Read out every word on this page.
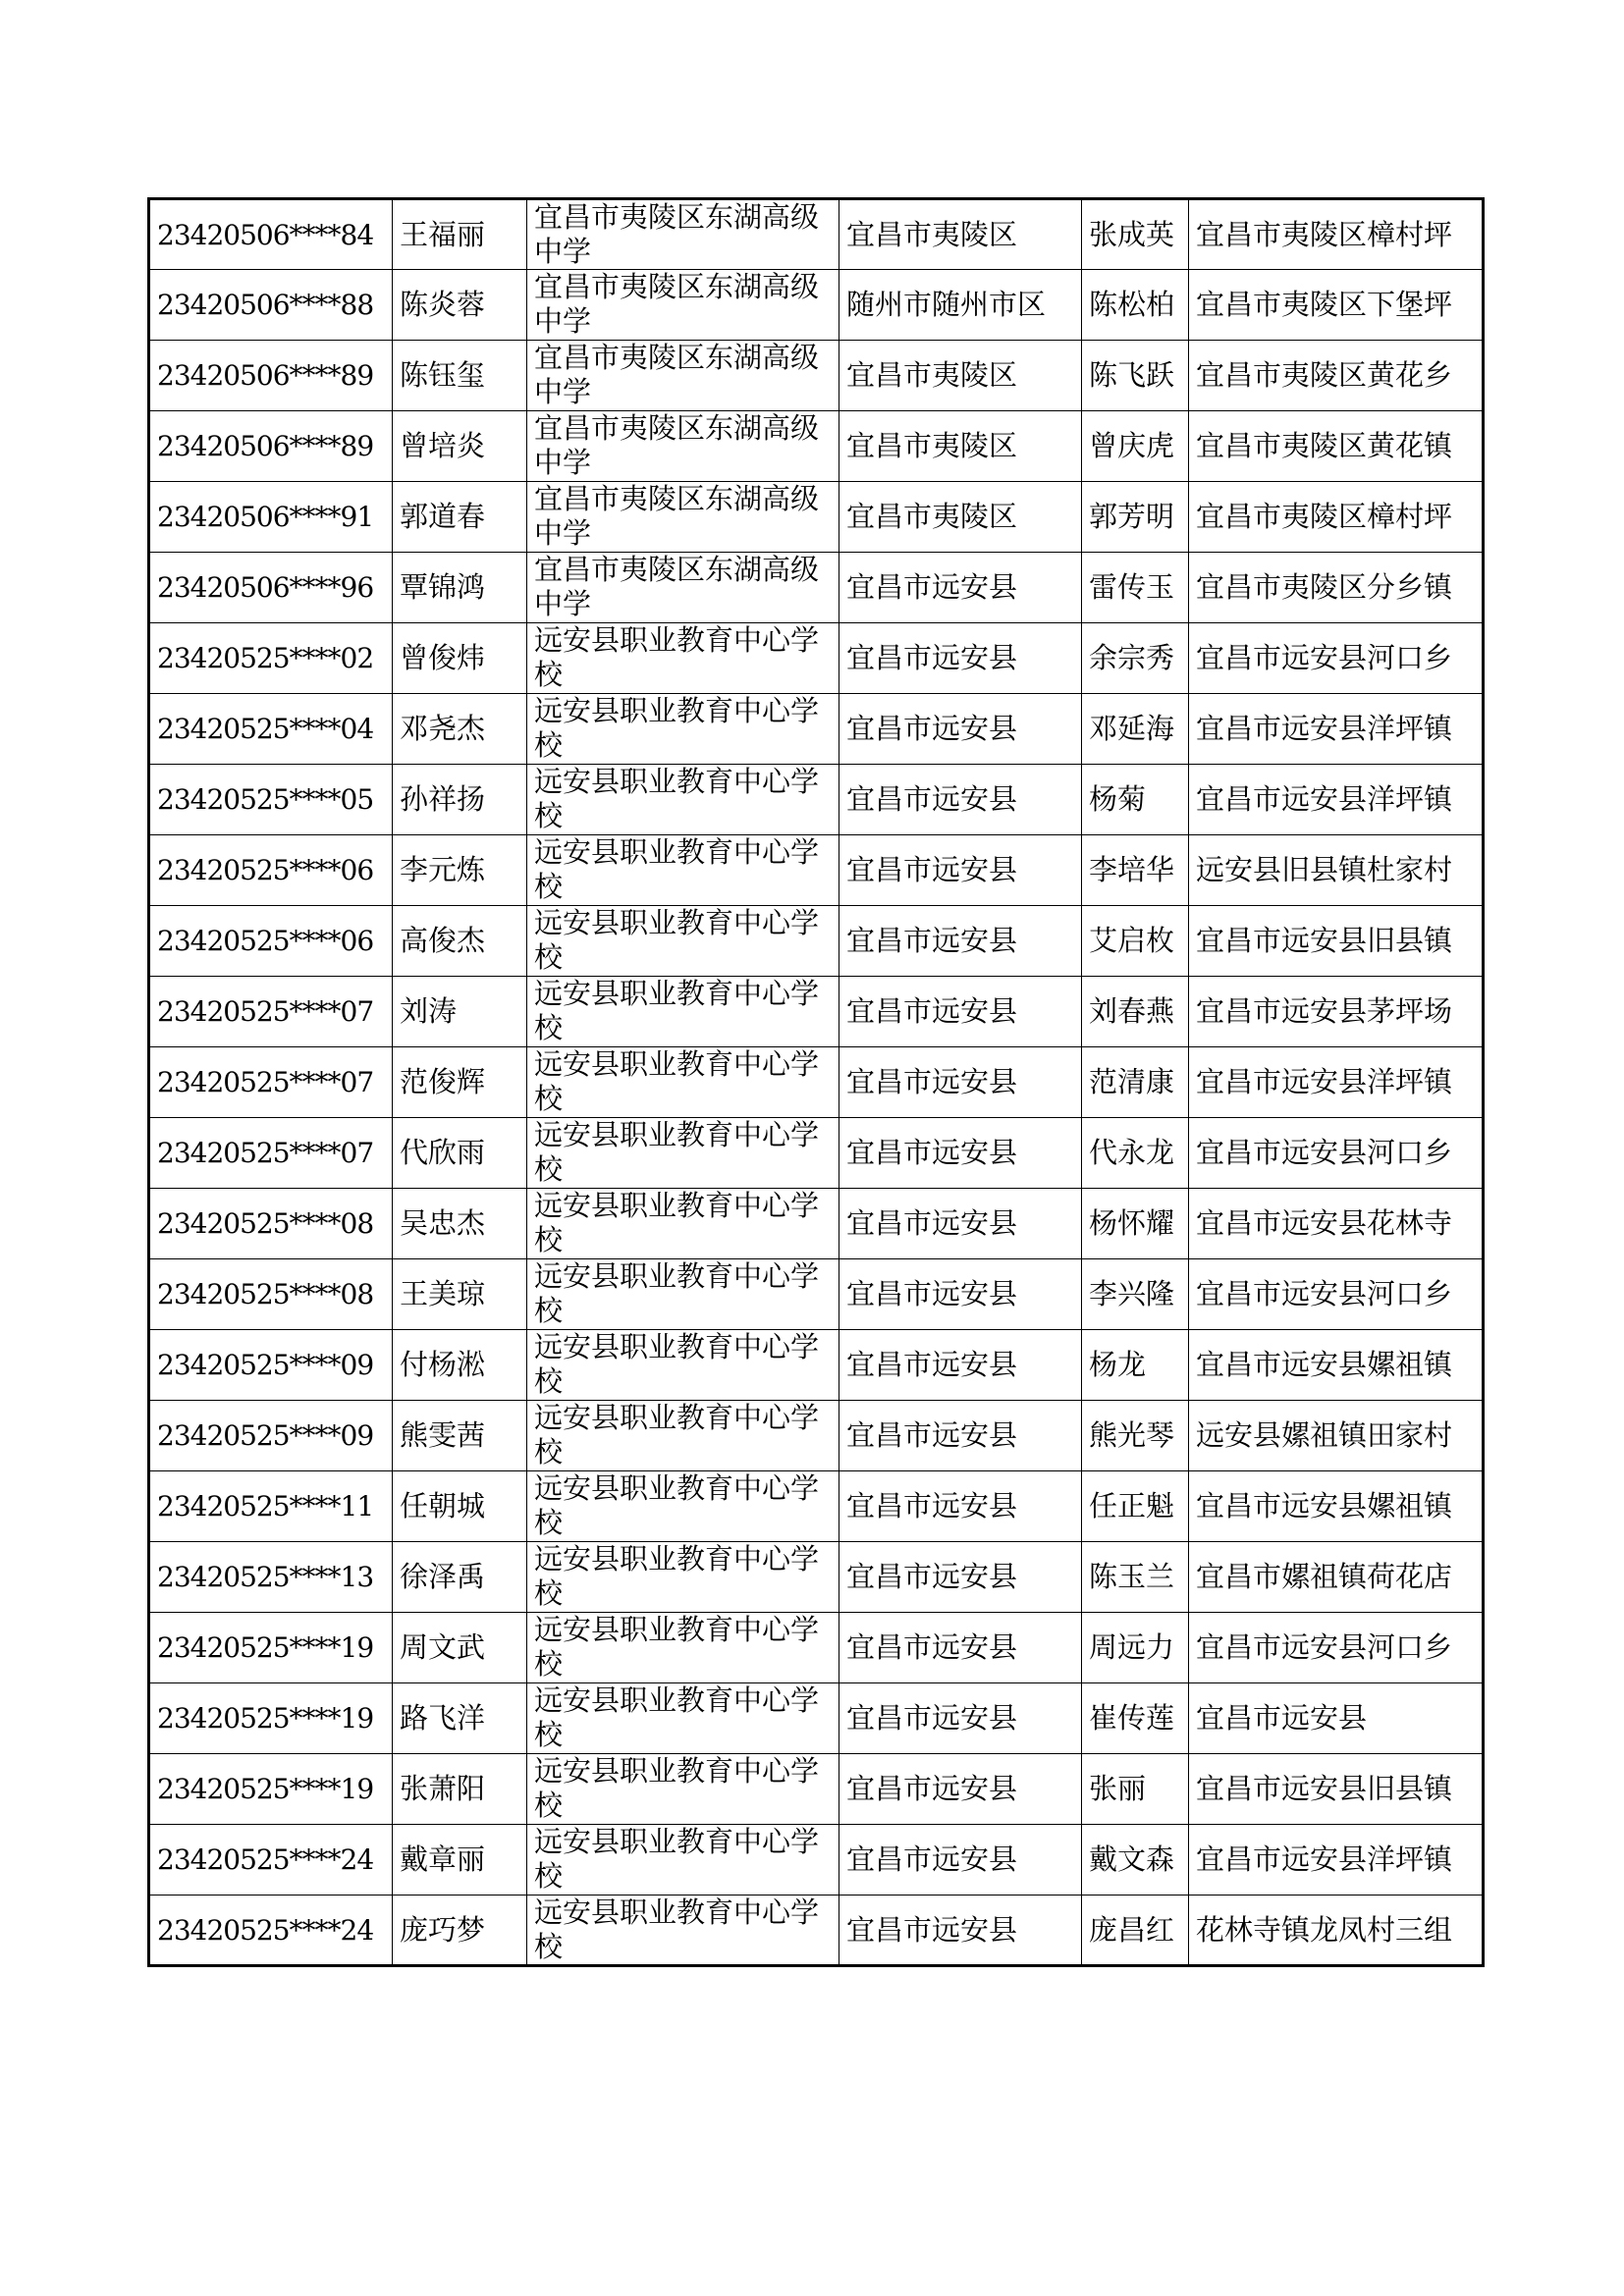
23420506****84	王福丽	宜昌市夷陵区东湖高级中学	宜昌市夷陵区	张成英	宜昌市夷陵区樟村坪
23420506****88	陈炎蓉	宜昌市夷陵区东湖高级中学	随州市随州市区	陈松柏	宜昌市夷陵区下堡坪
23420506****89	陈钰玺	宜昌市夷陵区东湖高级中学	宜昌市夷陵区	陈飞跃	宜昌市夷陵区黄花乡
23420506****89	曾培炎	宜昌市夷陵区东湖高级中学	宜昌市夷陵区	曾庆虎	宜昌市夷陵区黄花镇
23420506****91	郭道春	宜昌市夷陵区东湖高级中学	宜昌市夷陵区	郭芳明	宜昌市夷陵区樟村坪
23420506****96	覃锦鸿	宜昌市夷陵区东湖高级中学	宜昌市远安县	雷传玉	宜昌市夷陵区分乡镇
23420525****02	曾俊炜	远安县职业教育中心学校	宜昌市远安县	余宗秀	宜昌市远安县河口乡
23420525****04	邓尧杰	远安县职业教育中心学校	宜昌市远安县	邓延海	宜昌市远安县洋坪镇
23420525****05	孙祥扬	远安县职业教育中心学校	宜昌市远安县	杨菊	宜昌市远安县洋坪镇
23420525****06	李元炼	远安县职业教育中心学校	宜昌市远安县	李培华	远安县旧县镇杜家村
23420525****06	高俊杰	远安县职业教育中心学校	宜昌市远安县	艾启枚	宜昌市远安县旧县镇
23420525****07	刘涛	远安县职业教育中心学校	宜昌市远安县	刘春燕	宜昌市远安县茅坪场
23420525****07	范俊辉	远安县职业教育中心学校	宜昌市远安县	范清康	宜昌市远安县洋坪镇
23420525****07	代欣雨	远安县职业教育中心学校	宜昌市远安县	代永龙	宜昌市远安县河口乡
23420525****08	吴忠杰	远安县职业教育中心学校	宜昌市远安县	杨怀耀	宜昌市远安县花林寺
23420525****08	王美琼	远安县职业教育中心学校	宜昌市远安县	李兴隆	宜昌市远安县河口乡
23420525****09	付杨淞	远安县职业教育中心学校	宜昌市远安县	杨龙	宜昌市远安县嫘祖镇
23420525****09	熊雯茜	远安县职业教育中心学校	宜昌市远安县	熊光琴	远安县嫘祖镇田家村
23420525****11	任朝城	远安县职业教育中心学校	宜昌市远安县	任正魁	宜昌市远安县嫘祖镇
23420525****13	徐泽禹	远安县职业教育中心学校	宜昌市远安县	陈玉兰	宜昌市嫘祖镇荷花店
23420525****19	周文武	远安县职业教育中心学校	宜昌市远安县	周远力	宜昌市远安县河口乡
23420525****19	路飞洋	远安县职业教育中心学校	宜昌市远安县	崔传莲	宜昌市远安县
23420525****19	张萧阳	远安县职业教育中心学校	宜昌市远安县	张丽	宜昌市远安县旧县镇
23420525****24	戴章丽	远安县职业教育中心学校	宜昌市远安县	戴文森	宜昌市远安县洋坪镇
23420525****24	庞巧梦	远安县职业教育中心学校	宜昌市远安县	庞昌红	花林寺镇龙凤村三组
